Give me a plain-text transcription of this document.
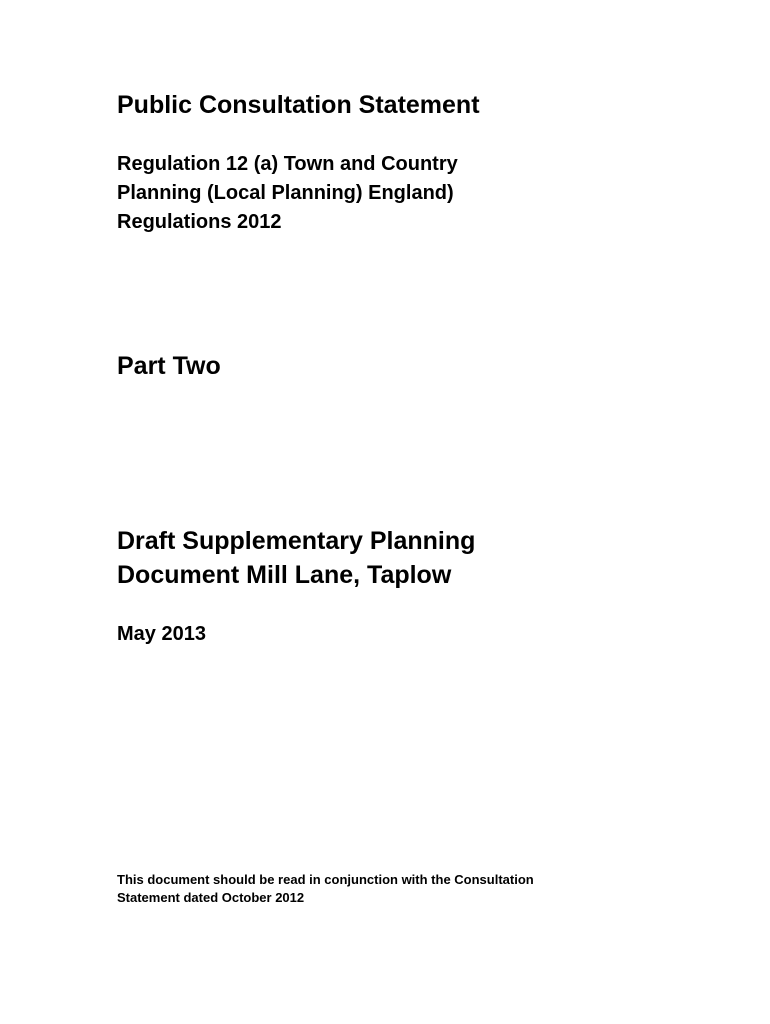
Public Consultation Statement
Regulation 12 (a) Town and Country
Planning (Local Planning) England)
Regulations 2012
Part Two
Draft Supplementary Planning
Document Mill Lane, Taplow
May 2013
This document should be read in conjunction with the Consultation
Statement dated October 2012
